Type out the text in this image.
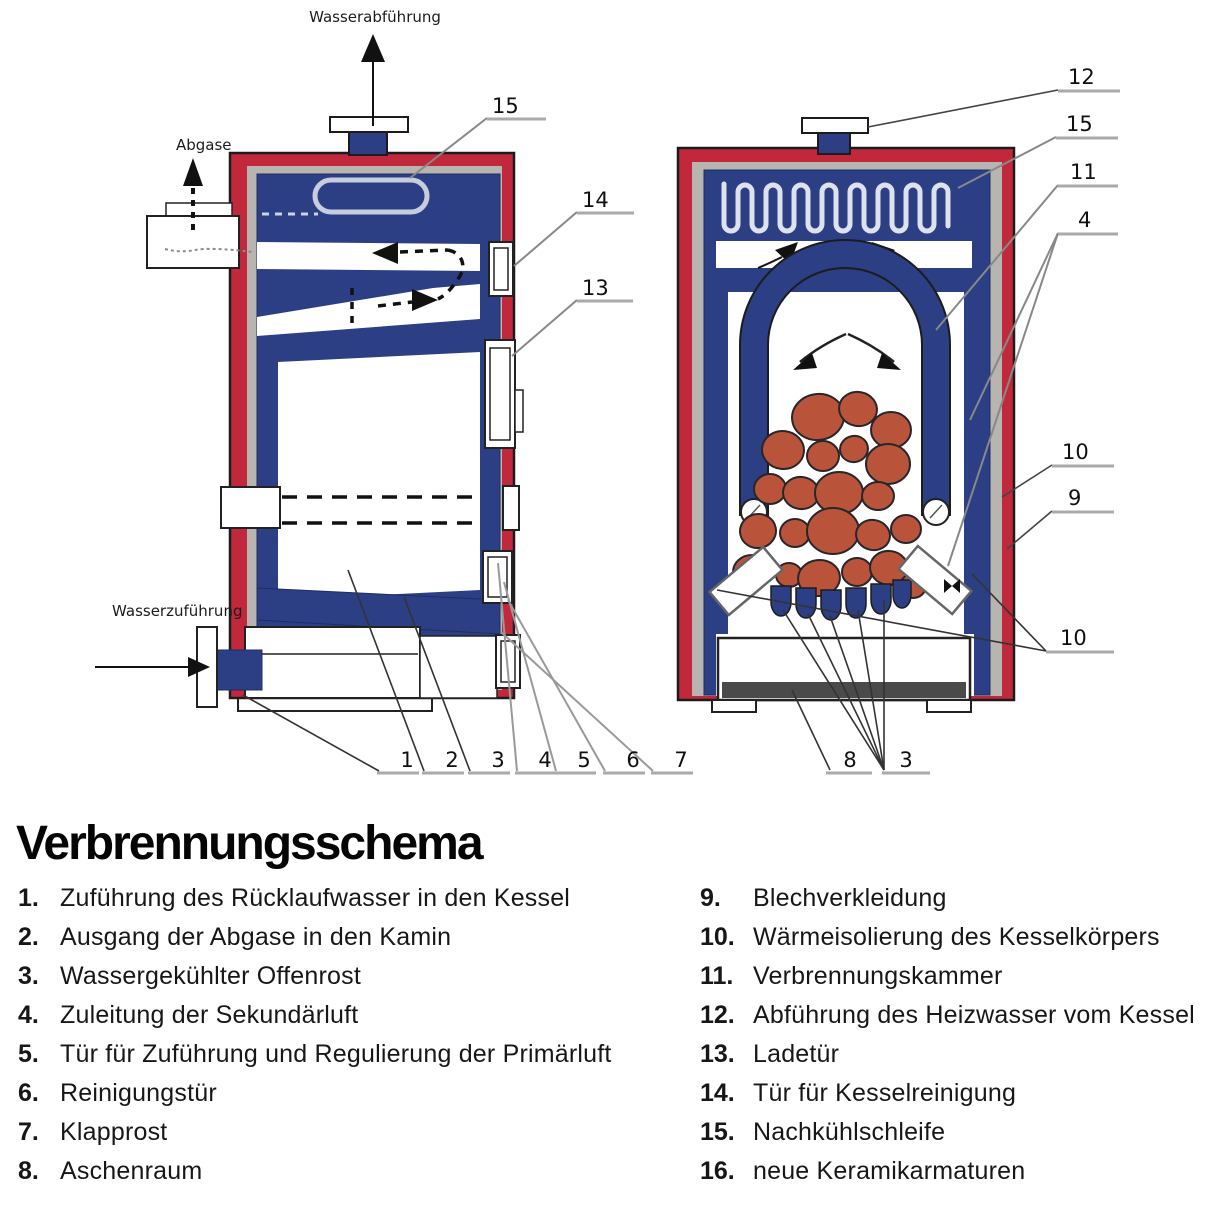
Wasserabführung
Abgase
Wasserzuführung
15
14
13
1 2 3 4 5 6 7
12
15
11
4
10
9
10
8 3
Verbrennungsschema
1. Zuführung des Rücklaufwasser in den Kessel
2. Ausgang der Abgase in den Kamin
3. Wassergekühlter Offenrost
4. Zuleitung der Sekundärluft
5. Tür für Zuführung und Regulierung der Primärluft
6. Reinigungstür
7. Klapprost
8. Aschenraum
9.	Blechverkleidung
10. Wärmeisolierung des Kesselkörpers
11. Verbrennungskammer
12. Abführung des Heizwasser vom Kessel
13. Ladetür
14. Tür für Kesselreinigung
15. Nachkühlschleife
16. neue Keramikarmaturen
